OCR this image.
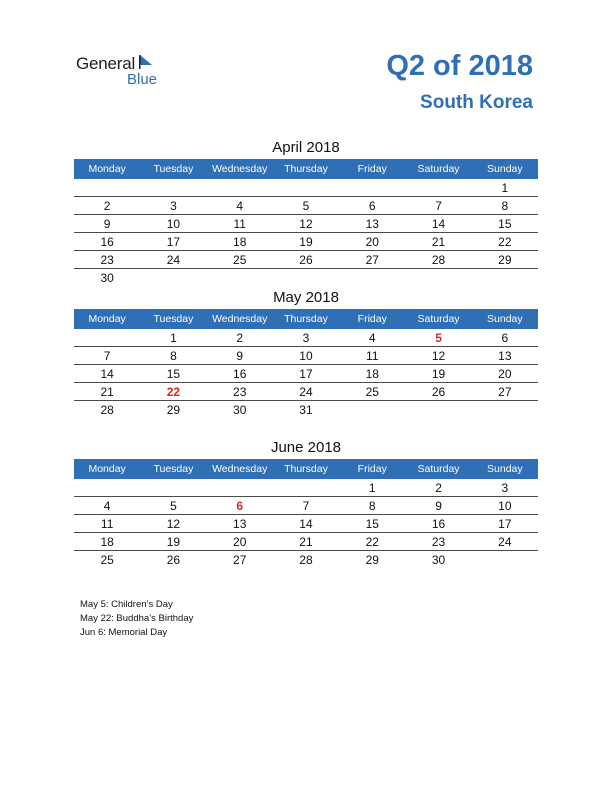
General
Blue	Q2 of 2018
South Korea
April 2018
Monday	Tuesday	Wednesday	Thursday	Friday	Saturday	Sunday
						1
2	3	4	5	6	7	8
9	10	11	12	13	14	15
16	17	18	19	20	21	22
23	24	25	26	27	28	29
30						
May 2018
Monday	Tuesday	Wednesday	Thursday	Friday	Saturday	Sunday
	1	2	3	4	5	6
7	8	9	10	11	12	13
14	15	16	17	18	19	20
21	22	23	24	25	26	27
28	29	30	31			
June 2018
Monday	Tuesday	Wednesday	Thursday	Friday	Saturday	Sunday
				1	2	3
4	5	6	7	8	9	10
11	12	13	14	15	16	17
18	19	20	21	22	23	24
25	26	27	28	29	30	
May 5: Children’s Day
May 22: Buddha’s Birthday
Jun 6: Memorial Day
